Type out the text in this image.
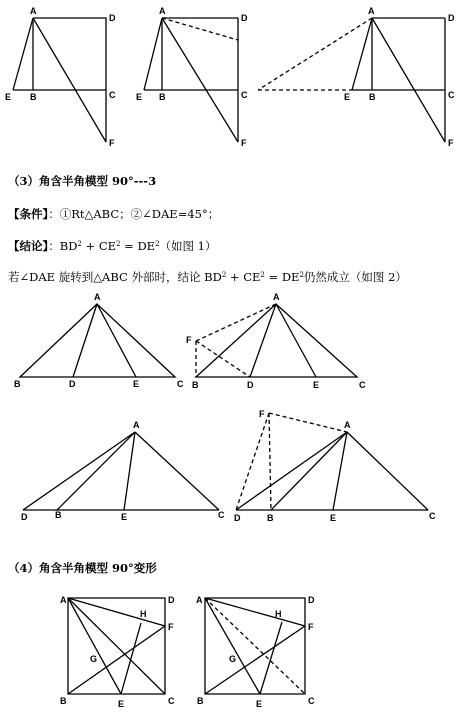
A
D
E B	C
F
A
D
E B	C
F
A
D
E B	C
F
A
B	D	E	C
A
F
B	D	E	C
A
D	B	E	C
A
F
D	B	E	C
A	D
H
F
G
B	E	C
A	D
H
F
G
B	E	C
（3）角含半角模型 90°---3
【条件】：①Rt△ABC；②∠DAE=45°；
【结论】：$BD^2 + CE^2 = DE^2$（如图 1）
若∠DAE 旋转到△ABC 外部时，结论 $BD^2 + CE^2 = DE^2$仍然成立（如图 2）
（4）角含半角模型 90°变形
